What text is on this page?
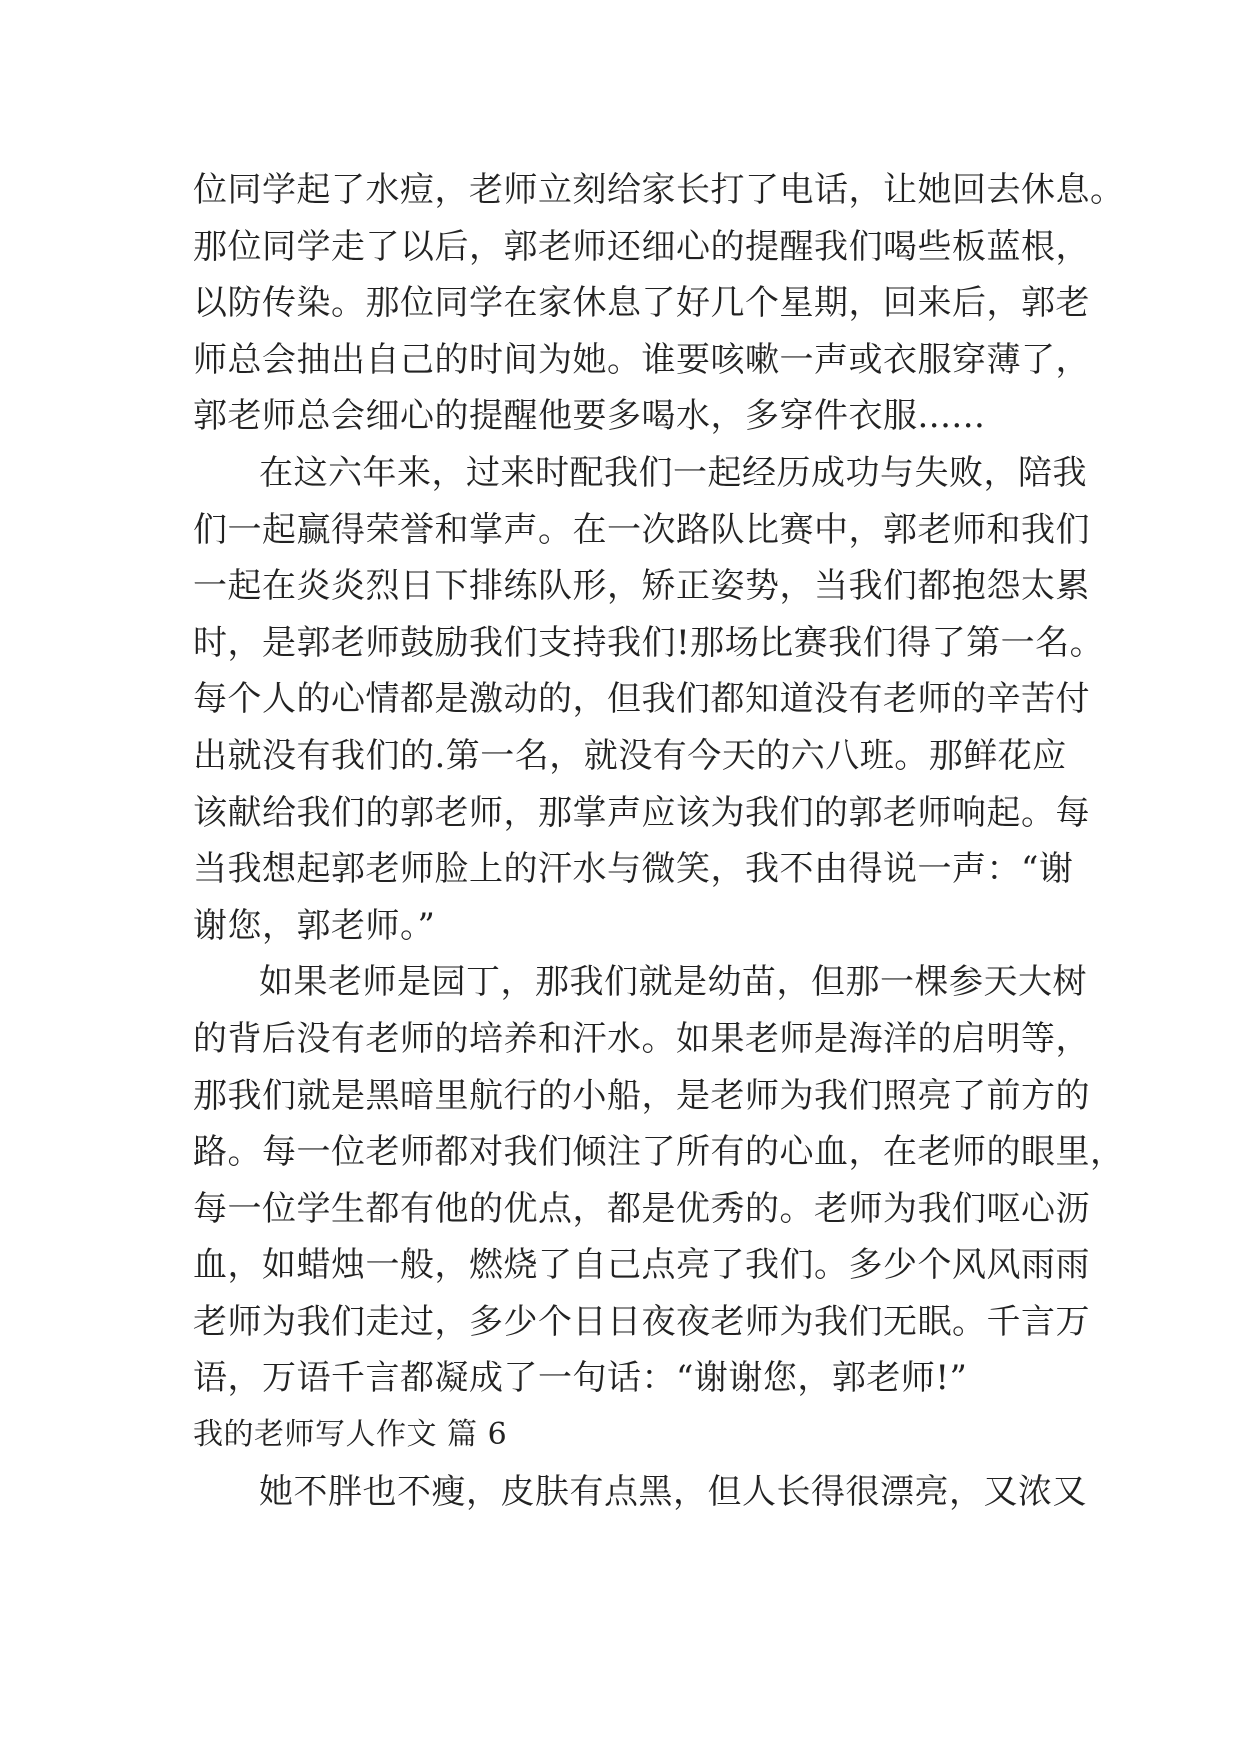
位同学起了水痘，老师立刻给家长打了电话，让她回去休息。
那位同学走了以后，郭老师还细心的提醒我们喝些板蓝根，
以防传染。那位同学在家休息了好几个星期，回来后，郭老
师总会抽出自己的时间为她。谁要咳嗽一声或衣服穿薄了，
郭老师总会细心的提醒他要多喝水，多穿件衣服......
在这六年来，过来时配我们一起经历成功与失败，陪我
们一起赢得荣誉和掌声。在一次路队比赛中，郭老师和我们
一起在炎炎烈日下排练队形，矫正姿势，当我们都抱怨太累
时，是郭老师鼓励我们支持我们!那场比赛我们得了第一名。
每个人的心情都是激动的，但我们都知道没有老师的辛苦付
出就没有我们的.第一名，就没有今天的六八班。那鲜花应
该献给我们的郭老师，那掌声应该为我们的郭老师响起。每
当我想起郭老师脸上的汗水与微笑，我不由得说一声：“谢
谢您，郭老师。”
如果老师是园丁，那我们就是幼苗，但那一棵参天大树
的背后没有老师的培养和汗水。如果老师是海洋的启明等，
那我们就是黑暗里航行的小船，是老师为我们照亮了前方的
路。每一位老师都对我们倾注了所有的心血，在老师的眼里，
每一位学生都有他的优点，都是优秀的。老师为我们呕心沥
血，如蜡烛一般，燃烧了自己点亮了我们。多少个风风雨雨
老师为我们走过，多少个日日夜夜老师为我们无眠。千言万
语，万语千言都凝成了一句话：“谢谢您，郭老师!”
我的老师写人作文 篇 6
她不胖也不瘦，皮肤有点黑，但人长得很漂亮，又浓又
